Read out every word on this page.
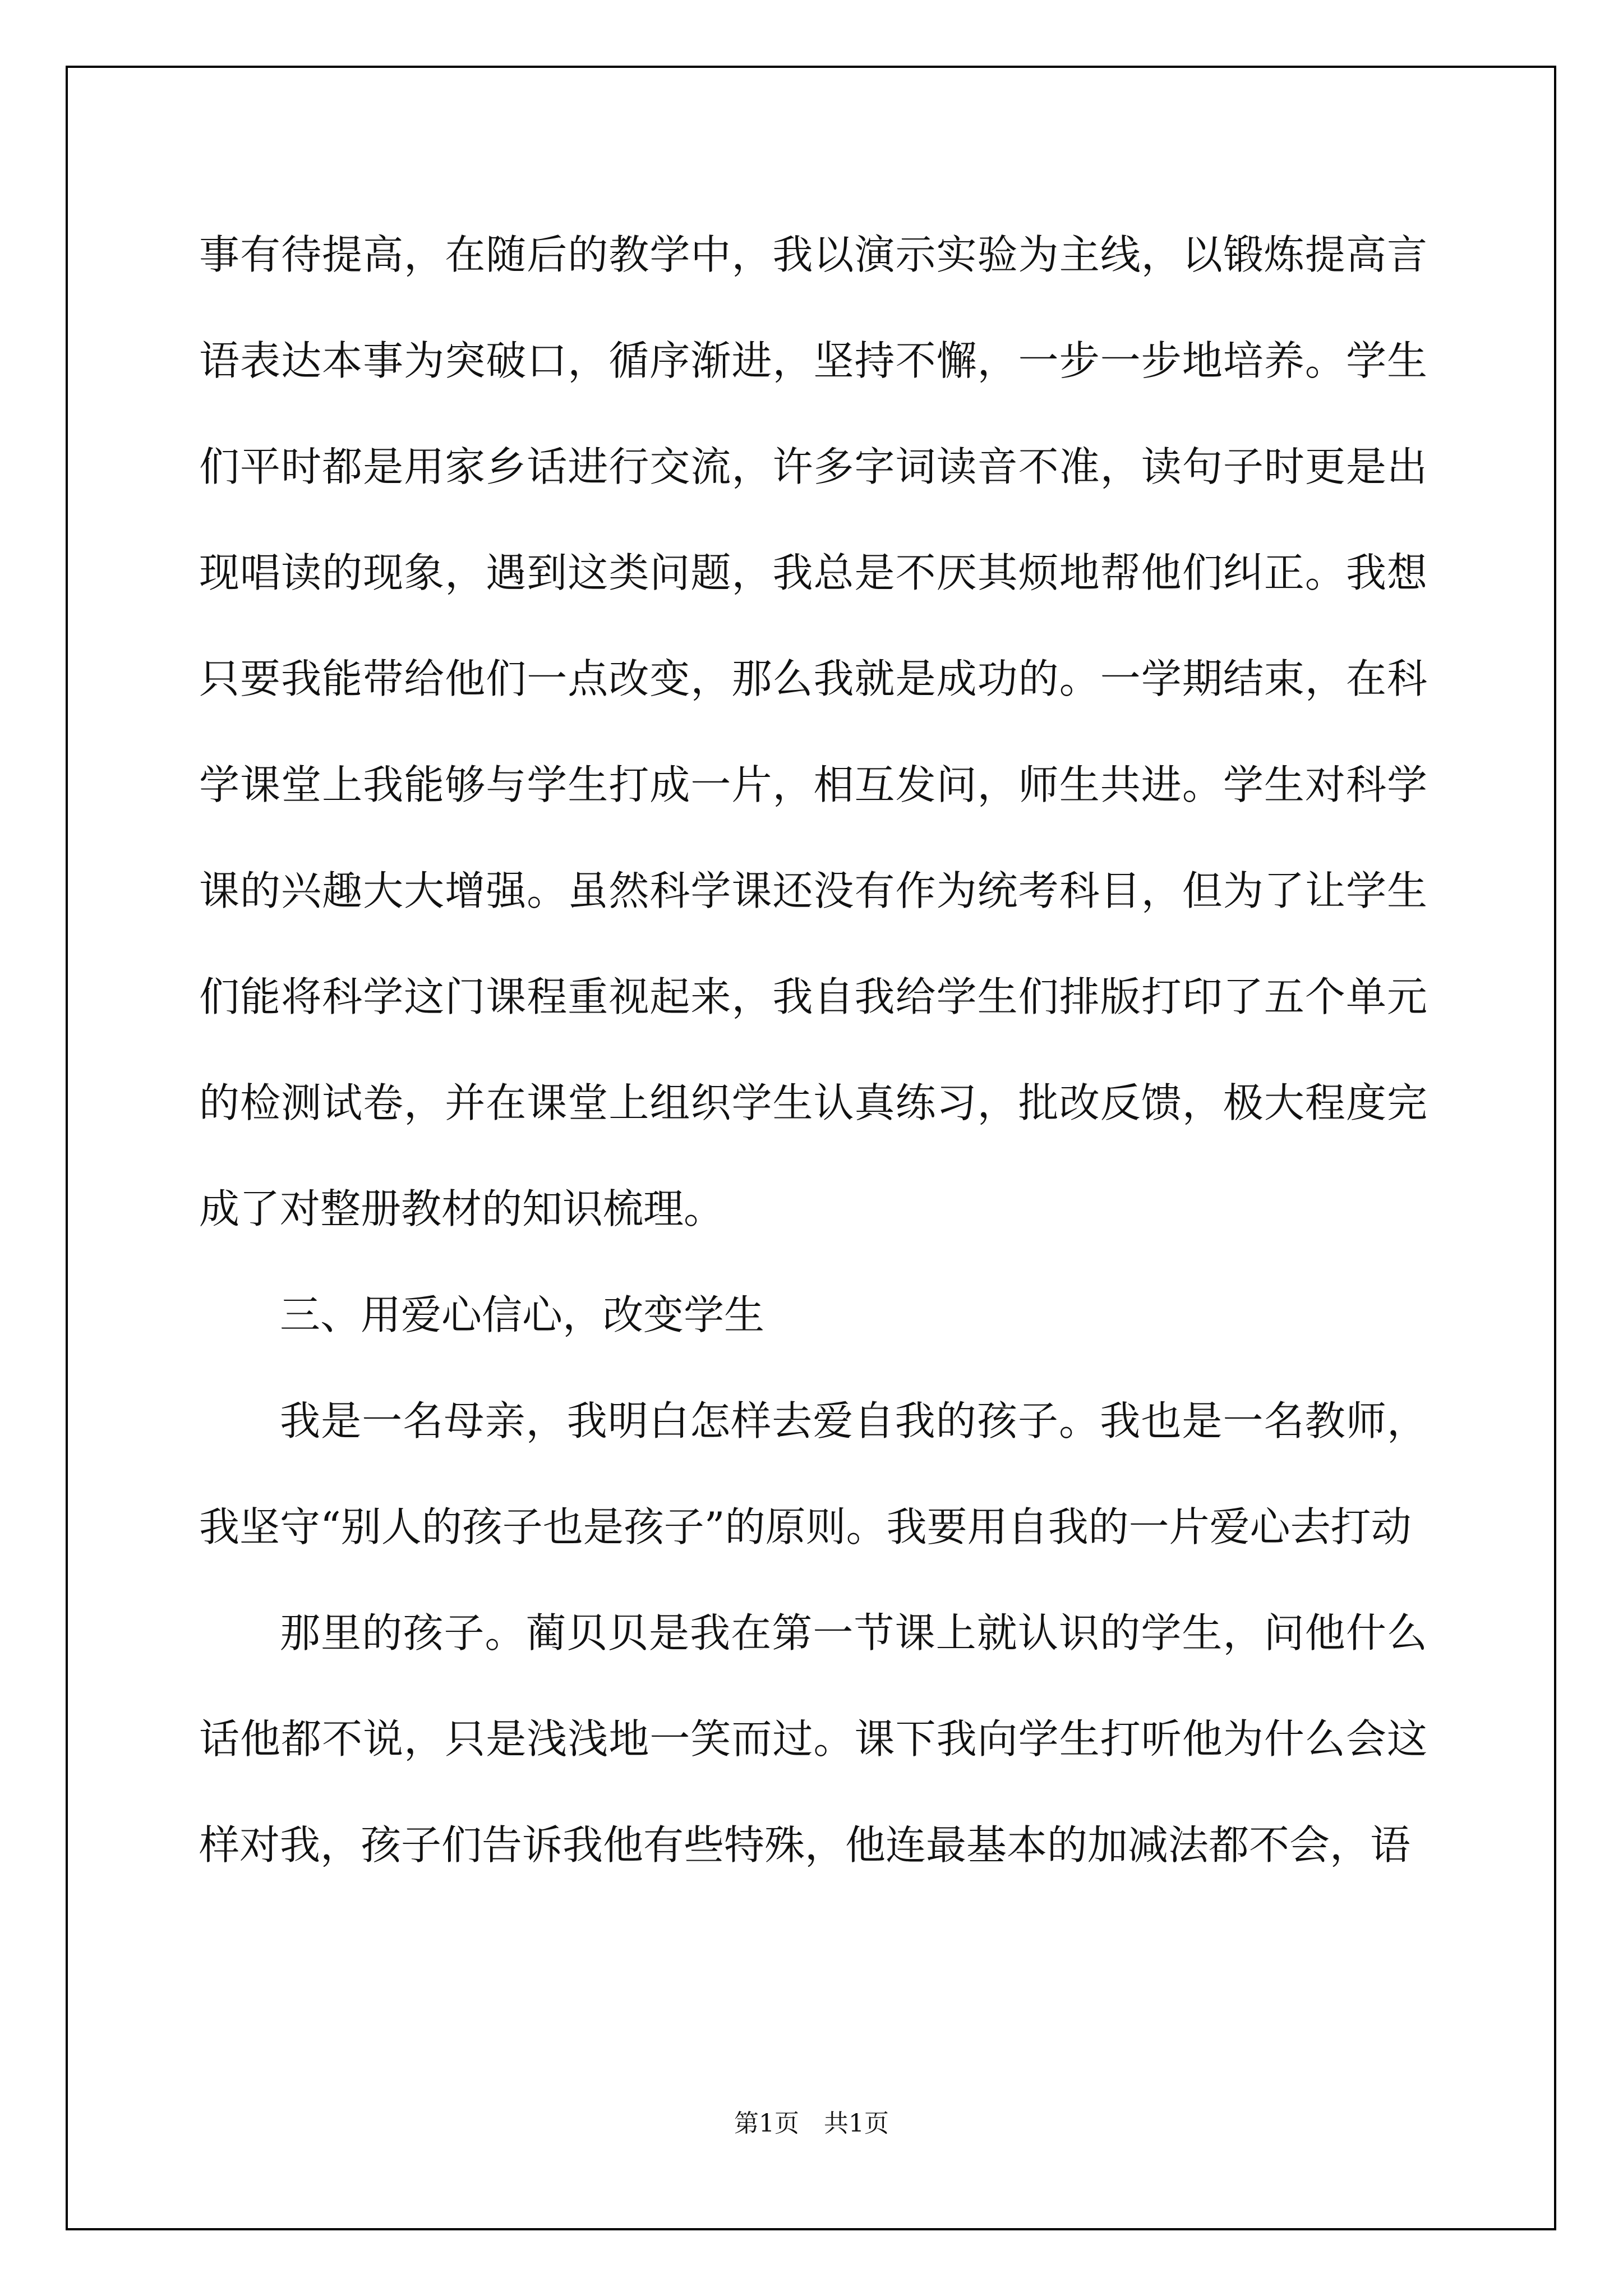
事有待提高，在随后的教学中，我以演示实验为主线，以锻炼提高言语表达本事为突破口，循序渐进，坚持不懈，一步一步地培养。学生们平时都是用家乡话进行交流，许多字词读音不准，读句子时更是出现唱读的现象，遇到这类问题，我总是不厌其烦地帮他们纠正。我想只要我能带给他们一点改变，那么我就是成功的。一学期结束，在科学课堂上我能够与学生打成一片，相互发问，师生共进。学生对科学课的兴趣大大增强。虽然科学课还没有作为统考科目，但为了让学生们能将科学这门课程重视起来，我自我给学生们排版打印了五个单元的检测试卷，并在课堂上组织学生认真练习，批改反馈，极大程度完成了对整册教材的知识梳理。

三、用爱心信心，改变学生

我是一名母亲，我明白怎样去爱自我的孩子。我也是一名教师，我坚守“别人的孩子也是孩子”的原则。我要用自我的一片爱心去打动

那里的孩子。蔺贝贝是我在第一节课上就认识的学生，问他什么话他都不说，只是浅浅地一笑而过。课下我向学生打听他为什么会这样对我，孩子们告诉我他有些特殊，他连最基本的加减法都不会，语

第1页　共1页
